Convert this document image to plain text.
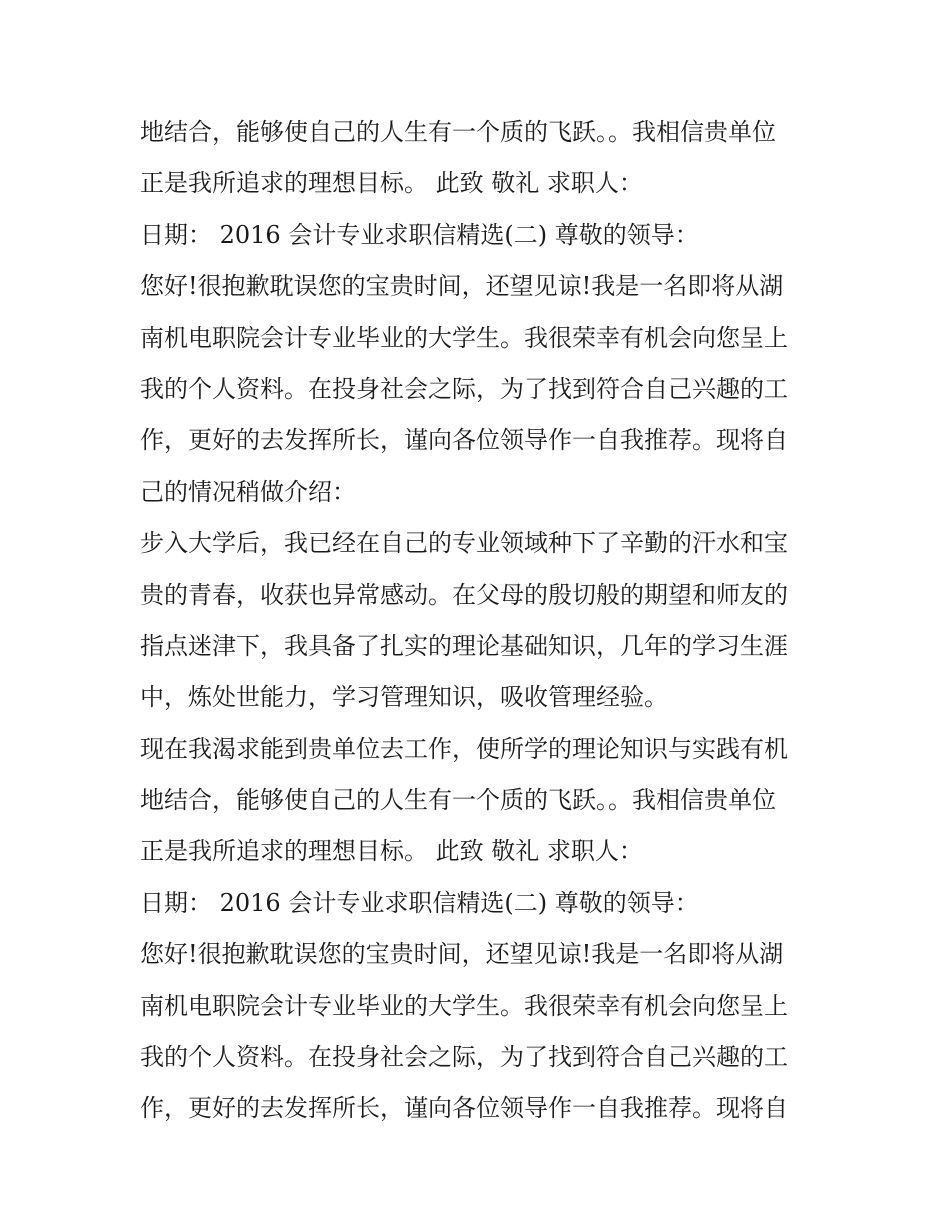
地结合，能够使自己的人生有一个质的飞跃。。我相信贵单位
正是我所追求的理想目标。 此致 敬礼 求职人：
日期： 2016 会计专业求职信精选(二) 尊敬的领导：
您好!很抱歉耽误您的宝贵时间，还望见谅!我是一名即将从湖
南机电职院会计专业毕业的大学生。我很荣幸有机会向您呈上
我的个人资料。在投身社会之际，为了找到符合自己兴趣的工
作，更好的去发挥所长，谨向各位领导作一自我推荐。现将自
己的情况稍做介绍：
步入大学后，我已经在自己的专业领域种下了辛勤的汗水和宝
贵的青春，收获也异常感动。在父母的殷切般的期望和师友的
指点迷津下，我具备了扎实的理论基础知识，几年的学习生涯
中，炼处世能力，学习管理知识，吸收管理经验。
现在我渴求能到贵单位去工作，使所学的理论知识与实践有机
地结合，能够使自己的人生有一个质的飞跃。。我相信贵单位
正是我所追求的理想目标。 此致 敬礼 求职人：
日期： 2016 会计专业求职信精选(二) 尊敬的领导：
您好!很抱歉耽误您的宝贵时间，还望见谅!我是一名即将从湖
南机电职院会计专业毕业的大学生。我很荣幸有机会向您呈上
我的个人资料。在投身社会之际，为了找到符合自己兴趣的工
作，更好的去发挥所长，谨向各位领导作一自我推荐。现将自
